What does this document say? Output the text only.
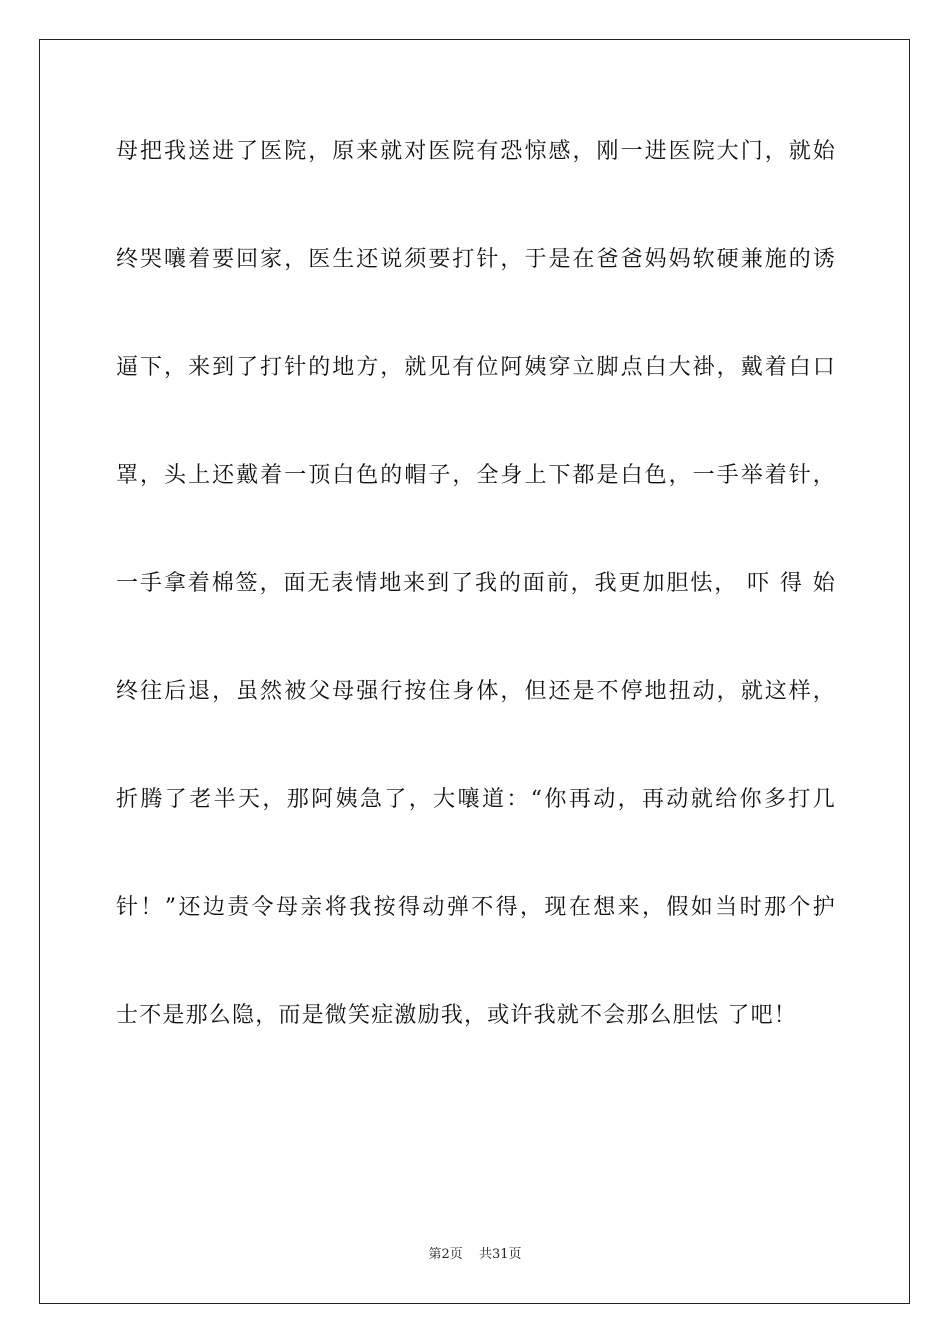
母把我送进了医院，原来就对医院有恐惊感，刚一进医院大门，就始
终哭嚷着要回家，医生还说须要打针，于是在爸爸妈妈软硬兼施的诱
逼下，来到了打针的地方，就见有位阿姨穿立脚点白大褂，戴着白口
罩，头上还戴着一顶白色的帽子，全身上下都是白色，一手举着针，
一手拿着棉签，面无表情地来到了我的面前，我更加胆怯， 吓 得 始
终往后退，虽然被父母强行按住身体，但还是不停地扭动，就这样，
折腾了老半天，那阿姨急了，大嚷道：“你再动，再动就给你多打几
针！”还边责令母亲将我按得动弹不得，现在想来，假如当时那个护
士不是那么隐，而是微笑症激励我，或许我就不会那么胆怯 了吧！
第2页 共31页
